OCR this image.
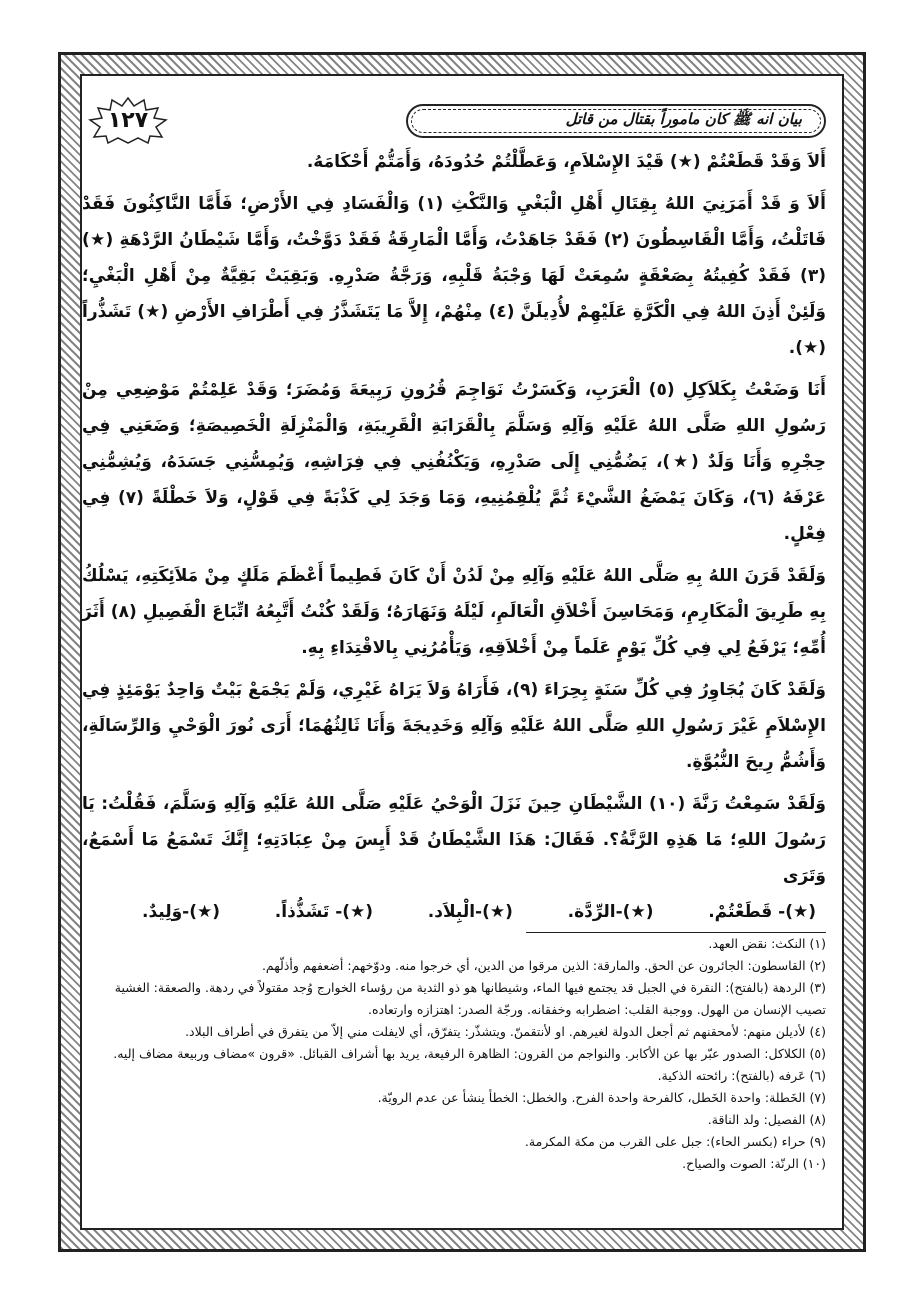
بيان انه ﷺ كان ماموراً بقتال من قاتل
١٢٧

أَلاَ وَقَدْ قَطَعْتُمْ (★) قَيْدَ الإِسْلاَمِ، وَعَطَّلْتُمْ حُدُودَهُ، وَأَمَتُّمْ أَحْكَامَهُ.

أَلاَ وَ قَدْ أَمَرَنِيَ اللهُ بِقِتَالِ أَهْلِ الْبَغْيِ وَالنَّكْثِ (١) وَالْفَسَادِ فِي الأَرْضِ؛ فَأَمَّا النَّاكِثُونَ فَقَدْ قَاتَلْتُ، وَأَمَّا الْقَاسِطُونَ (٢) فَقَدْ جَاهَدْتُ، وَأَمَّا الْمَارِقَةُ فَقَدْ دَوَّخْتُ، وَأَمَّا شَيْطَانُ الرَّدْهَةِ (★)(٣) فَقَدْ كُفِيتُهُ بِصَعْقَةٍ سُمِعَتْ لَهَا وَجْبَةُ قَلْبِهِ، وَرَجَّةُ صَدْرِهِ. وَبَقِيَتْ بَقِيَّةٌ مِنْ أَهْلِ الْبَغْيِ؛ وَلَئِنْ أَذِنَ اللهُ فِي الْكَرَّةِ عَلَيْهِمْ لأُدِيلَنَّ (٤) مِنْهُمْ، إِلاَّ مَا يَتَشَذَّرُ فِي أَطْرَافِ الأَرْضِ (★) تَشَذُّراً (★).

أَنَا وَضَعْتُ بِكَلاَكِلِ (٥) الْعَرَبِ، وَكَسَرْتُ نَوَاجِمَ قُرُونِ رَبِيعَةَ وَمُضَرَ؛ وَقَدْ عَلِمْتُمْ مَوْضِعِي مِنْ رَسُولِ اللهِ صَلَّى اللهُ عَلَيْهِ وَآلِهِ وَسَلَّمَ بِالْقَرَابَةِ الْقَرِيبَةِ، وَالْمَنْزِلَةِ الْخَصِيصَةِ؛ وَضَعَنِي فِي حِجْرِهِ وَأَنَا وَلَدٌ (★)، يَضُمُّنِي إِلَى صَدْرِهِ، وَيَكْنُفُنِي فِي فِرَاشِهِ، وَيُمِسُّنِي جَسَدَهُ، وَيُشِمُّنِي عَرْفَهُ (٦)، وَكَانَ يَمْضَغُ الشَّيْءَ ثُمَّ يُلْقِمُنِيهِ، وَمَا وَجَدَ لِي كَذْبَةً فِي قَوْلٍ، وَلاَ خَطْلَةً (٧) فِي فِعْلٍ.

وَلَقَدْ قَرَنَ اللهُ بِهِ صَلَّى اللهُ عَلَيْهِ وَآلِهِ مِنْ لَدُنْ أَنْ كَانَ فَطِيماً أَعْظَمَ مَلَكٍ مِنْ مَلاَئِكَتِهِ، يَسْلُكُ بِهِ طَرِيقَ الْمَكَارِمِ، وَمَحَاسِنَ أَخْلاَقِ الْعَالَمِ، لَيْلَهُ وَنَهَارَهُ؛ وَلَقَدْ كُنْتُ أَتَّبِعُهُ اتِّبَاعَ الْفَصِيلِ (٨) أَثَرَ أُمِّهِ؛ يَرْفَعُ لِي فِي كُلِّ يَوْمٍ عَلَماً مِنْ أَخْلاَقِهِ، وَيَأْمُرُنِي بِالاقْتِدَاءِ بِهِ.

وَلَقَدْ كَانَ يُجَاوِرُ فِي كُلِّ سَنَةٍ بِحِرَاءَ (٩)، فَأَرَاهُ وَلاَ يَرَاهُ غَيْرِي، وَلَمْ يَجْمَعْ بَيْتٌ وَاحِدٌ يَوْمَئِذٍ فِي الإِسْلاَمِ غَيْرَ رَسُولِ اللهِ صَلَّى اللهُ عَلَيْهِ وَآلِهِ وَخَدِيجَةَ وَأَنَا ثَالِثُهُمَا؛ أَرَى نُورَ الْوَحْيِ وَالرِّسَالَةِ، وَأَشُمُّ رِيحَ النُّبُوَّةِ.

وَلَقَدْ سَمِعْتُ رَنَّةَ (١٠) الشَّيْطَانِ حِينَ نَزَلَ الْوَحْيُ عَلَيْهِ صَلَّى اللهُ عَلَيْهِ وَآلِهِ وَسَلَّمَ، فَقُلْتُ: يَا رَسُولَ اللهِ؛ مَا هَذِهِ الرَّنَّةُ؟. فَقَالَ: هَذَا الشَّيْطَانُ قَدْ أَيِسَ مِنْ عِبَادَتِهِ؛ إِنَّكَ تَسْمَعُ مَا أَسْمَعُ، وَتَرَى

(★)- قَطَعْتُمْ.
(★)-الرِّدَّة.
(★)-الْبِلاَد.
(★)- تَشَذُّذاً.
(★)-وَلِيدٌ.

(١) النكث: نقض العهد.

(٢) القاسطون: الجائرون عن الحق. والمارقة: الذين مرقوا من الدين، أي خرجوا منه. ودوّخهم: أضعفهم وأذلّهم.

(٣) الردهة (بالفتح): النقرة في الجبل قد يجتمع فيها الماء، وشيطانها هو ذو الثدية من رؤساء الخوارج وُجد مقتولاً في ردهة. والصعقة: الغشية تصيب الإنسان من الهول. ووجبة القلب: اضطرابه وخفقانه. ورجّة الصدر: اهتزازه وارتعاده.

(٤) لأديلن منهم: لأمحقنهم ثم أجعل الدولة لغيرهم. او لأنتقمنّ. ويتشذّر: يتفرّق، أي لايفلت مني إلاّ من يتفرق في أطراف البلاد.

(٥) الكلاكل: الصدور عبّر بها عن الأكابر. والنواجم من القرون: الظاهرة الرفيعة، يريد بها أشراف القبائل. «قرون »مضاف وربيعة مضاف إليه.

(٦) عَرفه (بالفتح): رائحته الذكية.

(٧) الخَطلة: واحدة الخَطل، كالفرحة واحدة الفرح. والخطل: الخطأ ينشأ عن عدم الرويّة.

(٨) الفصيل: ولد الناقة.

(٩) حراء (بكسر الحاء): جبل على القرب من مكة المكرمة.

(١٠) الرنّة: الصوت والصياح.
